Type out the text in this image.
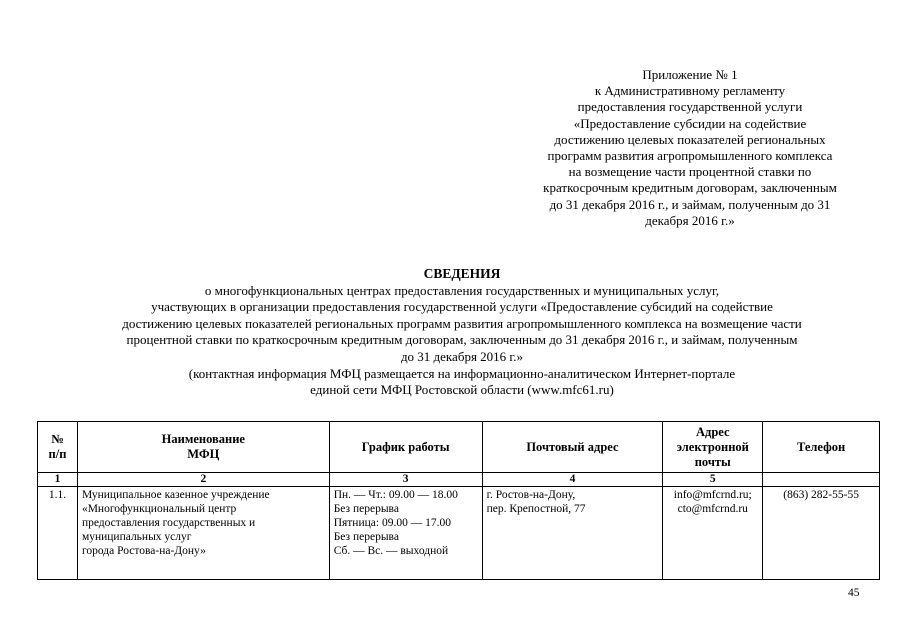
Приложение № 1
к Административному регламенту
предоставления государственной услуги
«Предоставление субсидии на содействие
достижению целевых показателей региональных
программ развития агропромышленного комплекса
на возмещение части процентной ставки по
краткосрочным кредитным договорам, заключенным
до 31 декабря 2016 г., и займам, полученным до 31
декабря 2016 г.»
СВЕДЕНИЯ
о многофункциональных центрах предоставления государственных и муниципальных услуг,
участвующих в организации предоставления государственной услуги «Предоставление субсидий на содействие
достижению целевых показателей региональных программ развития агропромышленного комплекса на возмещение части
процентной ставки по краткосрочным кредитным договорам, заключенным до 31 декабря 2016 г., и займам, полученным
до 31 декабря 2016 г.»
(контактная информация МФЦ размещается на информационно-аналитическом Интернет-портале
единой сети МФЦ Ростовской области (www.mfc61.ru)
№
п/п	Наименование
МФЦ	График работы	Почтовый адрес	Адрес
электронной
почты	Телефон
1	2	3	4	5	
1.1.	Муниципальное казенное учреждение
«Многофункциональный центр
предоставления государственных и
муниципальных услуг
города Ростова-на-Дону»	Пн. — Чт.: 09.00 — 18.00
Без перерыва
Пятница: 09.00 — 17.00
Без перерыва
Сб. — Вс. — выходной	г. Ростов-на-Дону,
пер. Крепостной, 77	info@mfcrnd.ru;
cto@mfcrnd.ru	(863) 282-55-55
45
